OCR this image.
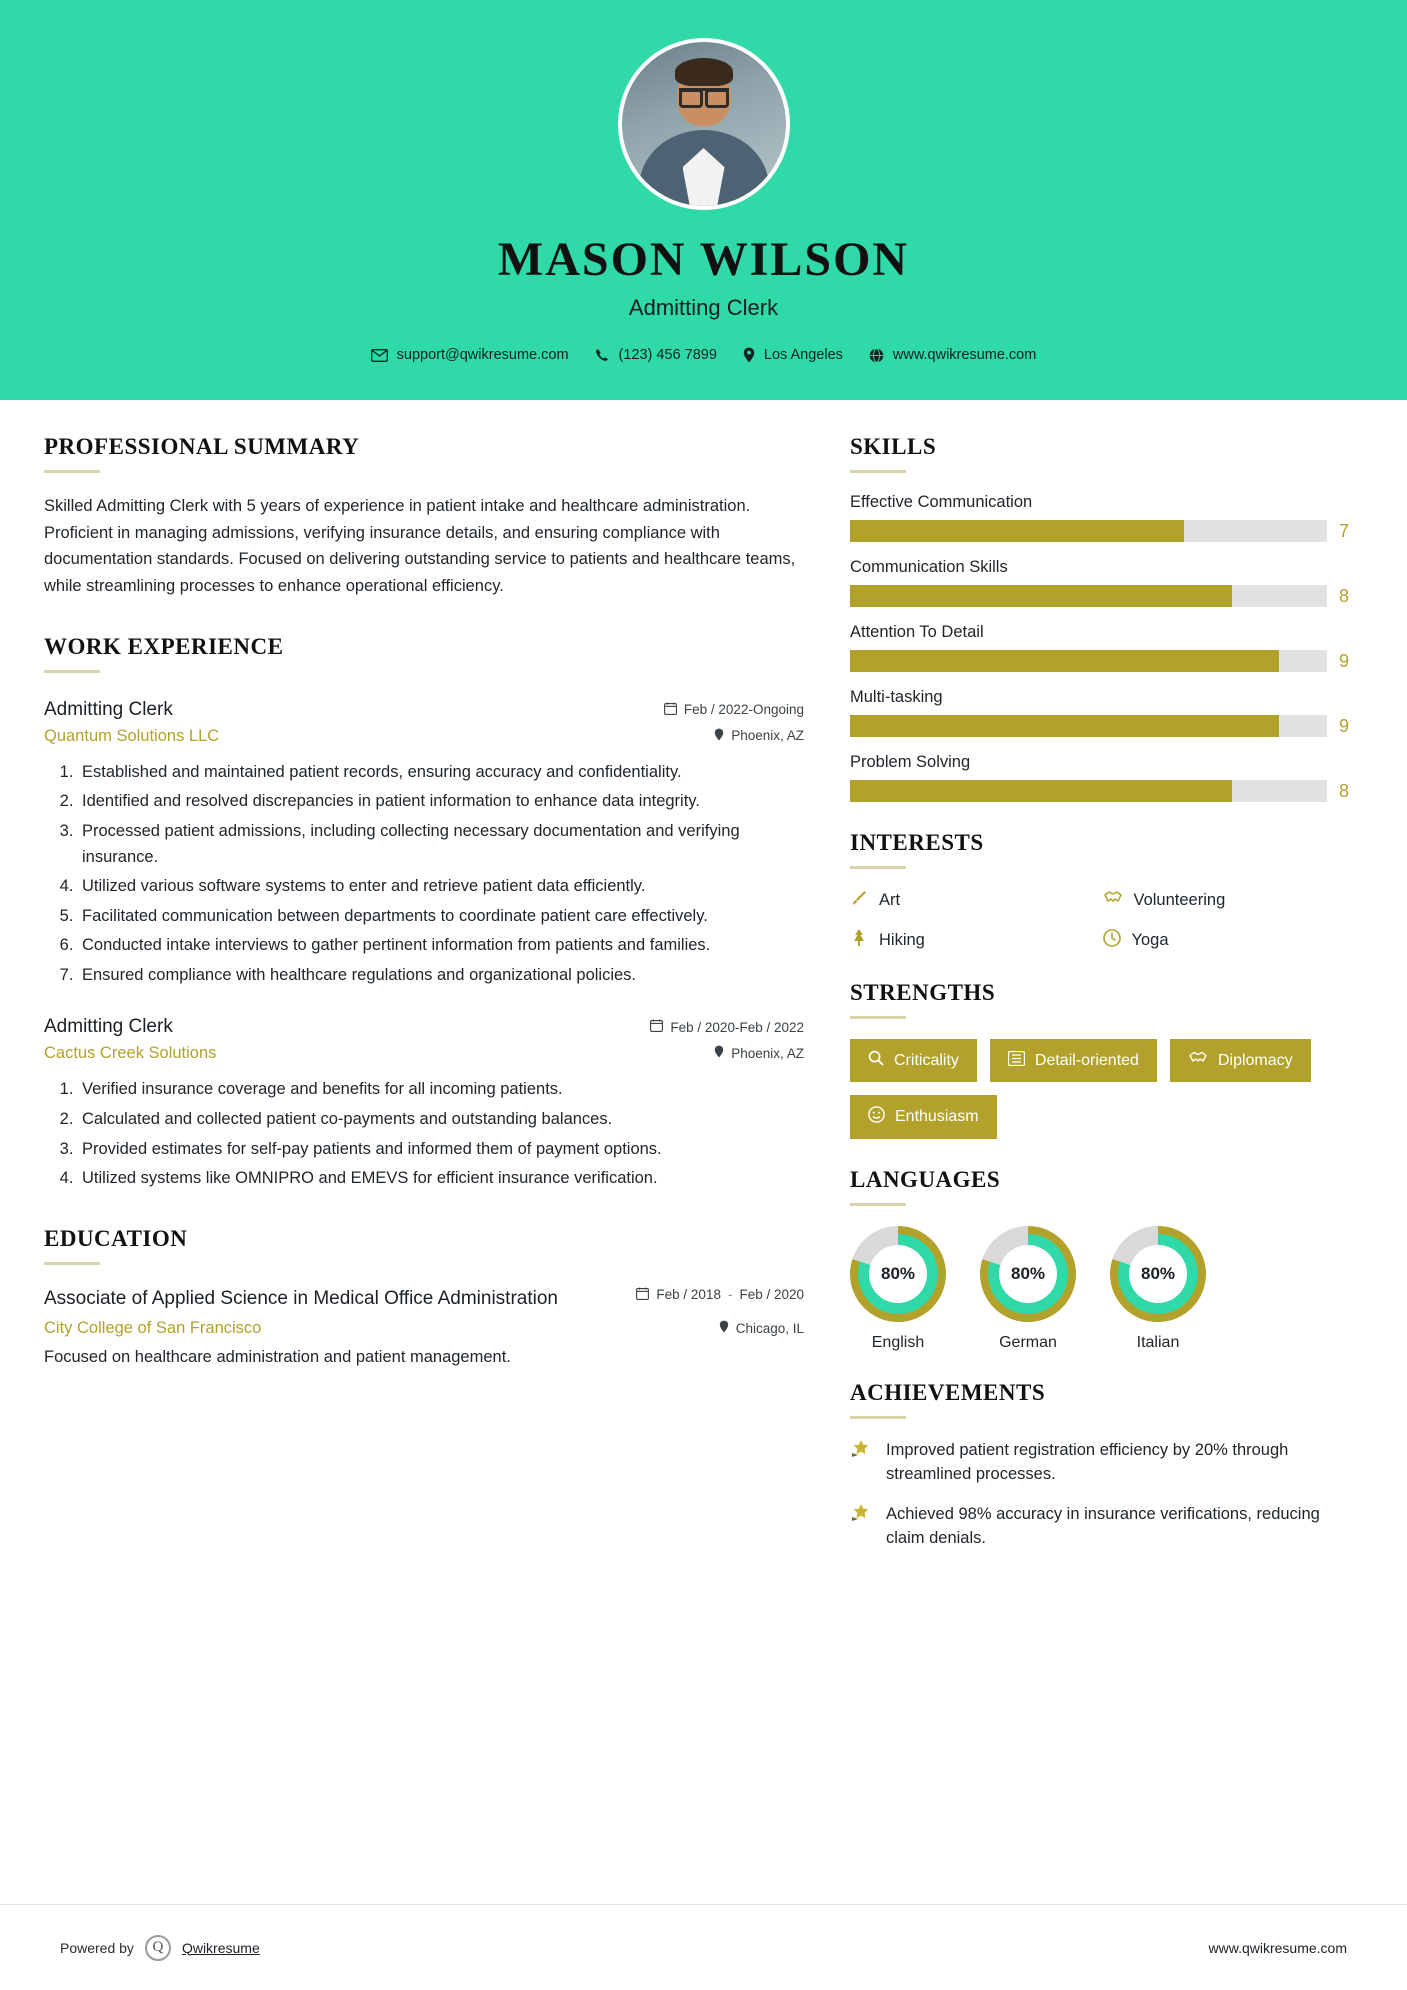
MASON WILSON
Admitting Clerk
support@qwikresume.com	(123) 456 7899	Los Angeles	www.qwikresume.com
PROFESSIONAL SUMMARY
Skilled Admitting Clerk with 5 years of experience in patient intake and healthcare administration. Proficient in managing admissions, verifying insurance details, and ensuring compliance with documentation standards. Focused on delivering outstanding service to patients and healthcare teams, while streamlining processes to enhance operational efficiency.
WORK EXPERIENCE
Admitting Clerk	Feb / 2022-Ongoing
Quantum Solutions LLC	Phoenix, AZ
1. Established and maintained patient records, ensuring accuracy and confidentiality.
2. Identified and resolved discrepancies in patient information to enhance data integrity.
3. Processed patient admissions, including collecting necessary documentation and verifying insurance.
4. Utilized various software systems to enter and retrieve patient data efficiently.
5. Facilitated communication between departments to coordinate patient care effectively.
6. Conducted intake interviews to gather pertinent information from patients and families.
7. Ensured compliance with healthcare regulations and organizational policies.
Admitting Clerk	Feb / 2020-Feb / 2022
Cactus Creek Solutions	Phoenix, AZ
1. Verified insurance coverage and benefits for all incoming patients.
2. Calculated and collected patient co-payments and outstanding balances.
3. Provided estimates for self-pay patients and informed them of payment options.
4. Utilized systems like OMNIPRO and EMEVS for efficient insurance verification.
EDUCATION
Associate of Applied Science in Medical Office Administration	Feb / 2018 - Feb / 2020
City College of San Francisco	Chicago, IL
Focused on healthcare administration and patient management.
SKILLS
Effective Communication
7
Communication Skills
8
Attention To Detail
9
Multi-tasking
9
Problem Solving
8
INTERESTS
Art	Volunteering
Hiking	Yoga
STRENGTHS
Criticality	Detail-oriented	Diplomacy
Enthusiasm
LANGUAGES
80%
English
80%
German
80%
Italian
ACHIEVEMENTS
Improved patient registration efficiency by 20% through streamlined processes.
Achieved 98% accuracy in insurance verifications, reducing claim denials.
Powered by	Q	Qwikresume	www.qwikresume.com
